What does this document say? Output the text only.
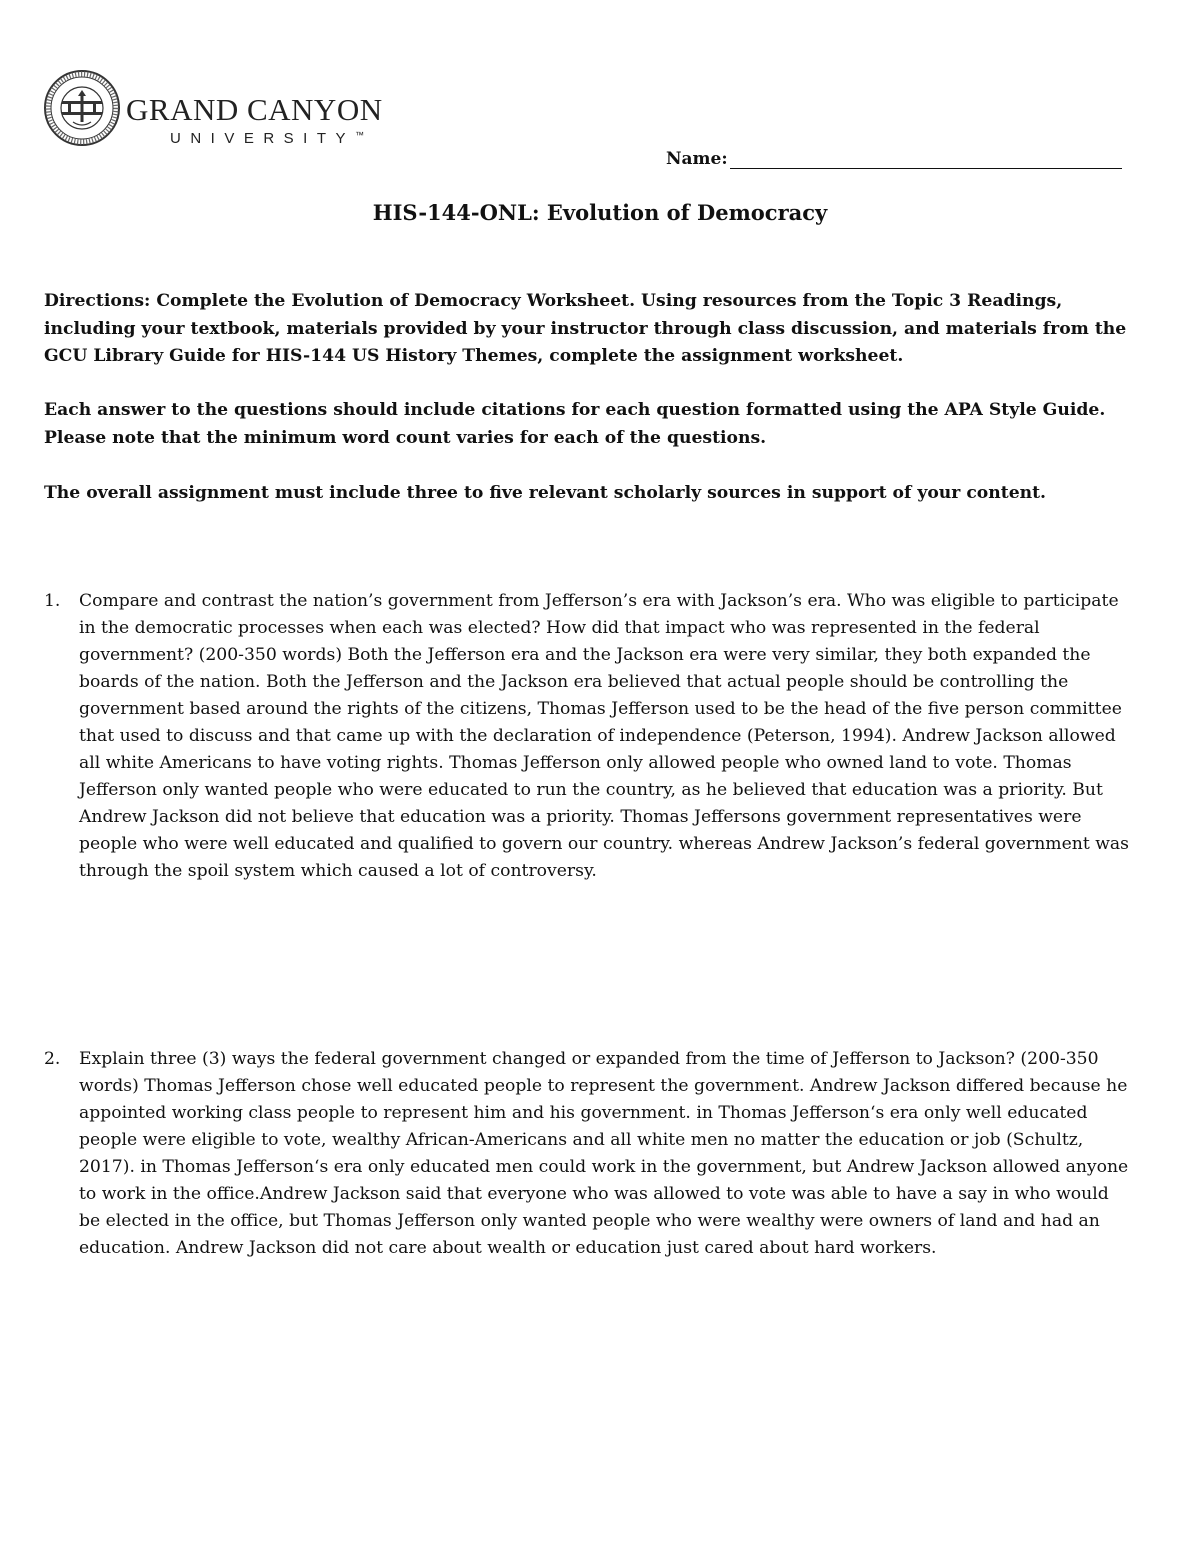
GRAND CANYON
UNIVERSITY™
Name:
HIS-144-ONL: Evolution of Democracy

Directions: Complete the Evolution of Democracy Worksheet. Using resources from the Topic 3 Readings, including your textbook, materials provided by your instructor through class discussion, and materials from the GCU Library Guide for HIS-144 US History Themes, complete the assignment worksheet.

Each answer to the questions should include citations for each question formatted using the APA Style Guide. Please note that the minimum word count varies for each of the questions.

The overall assignment must include three to five relevant scholarly sources in support of your content.

1. Compare and contrast the nation’s government from Jefferson’s era with Jackson’s era. Who was eligible to participate in the democratic processes when each was elected? How did that impact who was represented in the federal government? (200-350 words) Both the Jefferson era and the Jackson era were very similar, they both expanded the boards of the nation. Both the Jefferson and the Jackson era believed that actual people should be controlling the government based around the rights of the citizens, Thomas Jefferson used to be the head of the five person committee that used to discuss and that came up with the declaration of independence (Peterson, 1994). Andrew Jackson allowed all white Americans to have voting rights. Thomas Jefferson only allowed people who owned land to vote. Thomas Jefferson only wanted people who were educated to run the country, as he believed that education was a priority. But Andrew Jackson did not believe that education was a priority. Thomas Jeffersons government representatives were people who were well educated and qualified to govern our country. whereas Andrew Jackson’s federal government was through the spoil system which caused a lot of controversy.

2. Explain three (3) ways the federal government changed or expanded from the time of Jefferson to Jackson? (200-350 words) Thomas Jefferson chose well educated people to represent the government. Andrew Jackson differed because he appointed working class people to represent him and his government. in Thomas Jefferson‘s era only well educated people were eligible to vote, wealthy African-Americans and all white men no matter the education or job (Schultz, 2017). in Thomas Jefferson‘s era only educated men could work in the government, but Andrew Jackson allowed anyone to work in the office.Andrew Jackson said that everyone who was allowed to vote was able to have a say in who would be elected in the office, but Thomas Jefferson only wanted people who were wealthy were owners of land and had an education. Andrew Jackson did not care about wealth or education just cared about hard workers.
